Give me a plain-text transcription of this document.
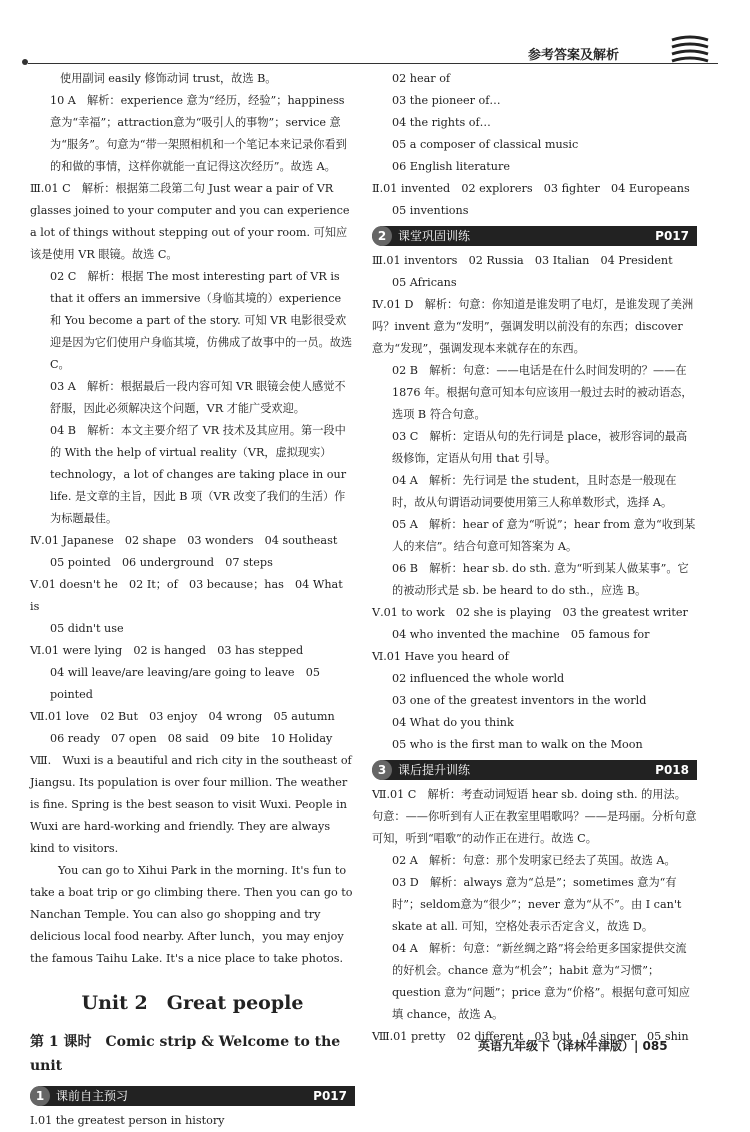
参考答案及解析

使用副词 easily 修饰动词 trust，故选 B。

10 A　解析：experience 意为“经历，经验”；happiness 意为“幸福”；attraction意为“吸引人的事物”；service 意为“服务”。句意为“带一架照相机和一个笔记本来记录你看到的和做的事情，这样你就能一直记得这次经历”。故选 A。

Ⅲ.01 C　解析：根据第二段第二句 Just wear a pair of VR glasses joined to your computer and you can experience a lot of things without stepping out of your room. 可知应该是使用 VR 眼镜。故选 C。

02 C　解析：根据 The most interesting part of VR is that it offers an immersive（身临其境的）experience 和 You become a part of the story. 可知 VR 电影很受欢迎是因为它们使用户身临其境，仿佛成了故事中的一员。故选 C。

03 A　解析：根据最后一段内容可知 VR 眼镜会使人感觉不舒服，因此必须解决这个问题，VR 才能广受欢迎。

04 B　解析：本文主要介绍了 VR 技术及其应用。第一段中的 With the help of virtual reality（VR，虚拟现实）technology，a lot of changes are taking place in our life. 是文章的主旨，因此 B 项（VR 改变了我们的生活）作为标题最佳。

Ⅳ.01 Japanese　02 shape　03 wonders　04 southeast

05 pointed　06 underground　07 steps

Ⅴ.01 doesn't he　02 It；of　03 because；has　04 What is

05 didn't use

Ⅵ.01 were lying　02 is hanged　03 has stepped

04 will leave/are leaving/are going to leave　05 pointed

Ⅶ.01 love　02 But　03 enjoy　04 wrong　05 autumn

06 ready　07 open　08 said　09 bite　10 Holiday

Ⅷ.　Wuxi is a beautiful and rich city in the southeast of Jiangsu. Its population is over four million. The weather is fine. Spring is the best season to visit Wuxi. People in Wuxi are hard-working and friendly. They are always kind to visitors.

You can go to Xihui Park in the morning. It's fun to take a boat trip or go climbing there. Then you can go to Nanchan Temple. You can also go shopping and try delicious local food nearby. After lunch，you may enjoy the famous Taihu Lake. It's a nice place to take photos.

Unit 2　Great people
第 1 课时　Comic strip & Welcome to the unit
1 课前自主预习	P017

Ⅰ.01 the greatest person in history

02 hear of

03 the pioneer of…

04 the rights of…

05 a composer of classical music

06 English literature

Ⅱ.01 invented　02 explorers　03 fighter　04 Europeans

05 inventions

2 课堂巩固训练	P017

Ⅲ.01 inventors　02 Russia　03 Italian　04 President

05 Africans

Ⅳ.01 D　解析：句意：你知道是谁发明了电灯，是谁发现了美洲吗？invent 意为“发明”，强调发明以前没有的东西；discover 意为“发现”，强调发现本来就存在的东西。

02 B　解析：句意：——电话是在什么时间发明的？——在 1876 年。根据句意可知本句应该用一般过去时的被动语态，选项 B 符合句意。

03 C　解析：定语从句的先行词是 place，被形容词的最高级修饰，定语从句用 that 引导。

04 A　解析：先行词是 the student，且时态是一般现在时，故从句谓语动词要使用第三人称单数形式，选择 A。

05 A　解析：hear of 意为“听说”；hear from 意为“收到某人的来信”。结合句意可知答案为 A。

06 B　解析：hear sb. do sth. 意为“听到某人做某事”。它的被动形式是 sb. be heard to do sth.，应选 B。

Ⅴ.01 to work　02 she is playing　03 the greatest writer

04 who invented the machine　05 famous for

Ⅵ.01 Have you heard of

02 influenced the whole world

03 one of the greatest inventors in the world

04 What do you think

05 who is the first man to walk on the Moon

3 课后提升训练	P018

Ⅶ.01 C　解析：考查动词短语 hear sb. doing sth. 的用法。句意：——你听到有人正在教室里唱歌吗？——是玛丽。分析句意可知，听到“唱歌”的动作正在进行。故选 C。

02 A　解析：句意：那个发明家已经去了英国。故选 A。

03 D　解析：always 意为“总是”；sometimes 意为“有时”；seldom意为“很少”；never 意为“从不”。由 I can't skate at all. 可知，空格处表示否定含义，故选 D。

04 A　解析：句意：“新丝绸之路”将会给更多国家提供交流的好机会。chance 意为“机会”；habit 意为“习惯”；question 意为“问题”；price 意为“价格”。根据句意可知应填 chance，故选 A。

Ⅷ.01 pretty　02 different　03 but　04 singer　05 shin

英语九年级下（译林牛津版）| 085
